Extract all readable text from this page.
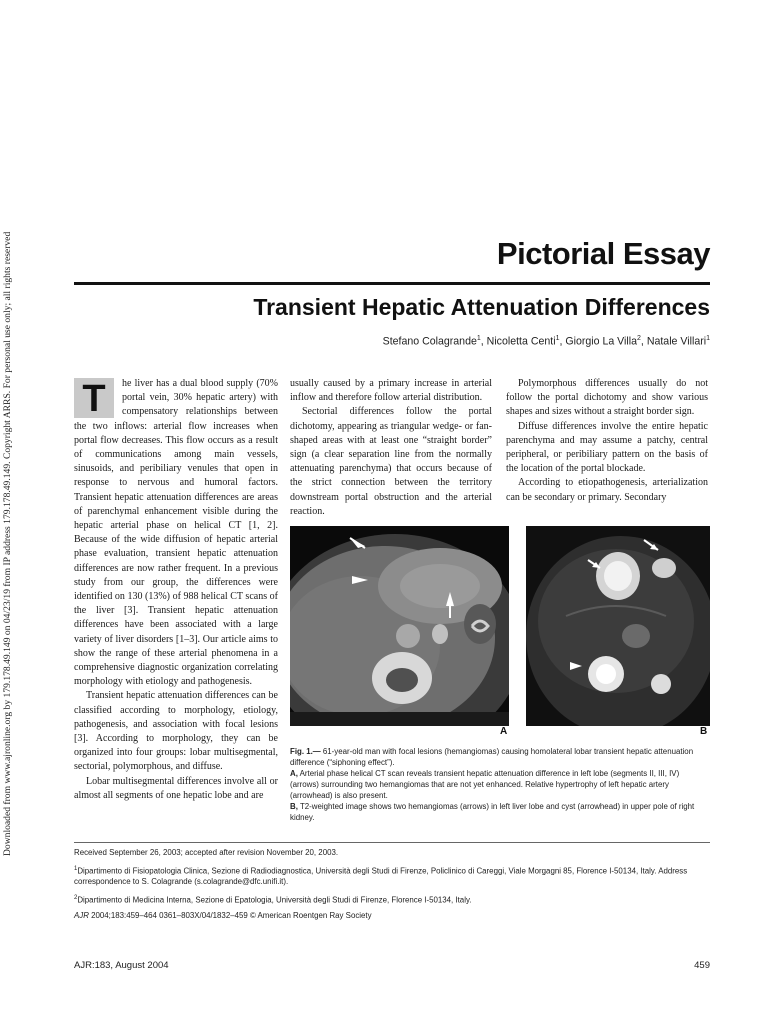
Downloaded from www.ajronline.org by 179.178.49.149 on 04/23/19 from IP address 179.178.49.149. Copyright ARRS. For personal use only; all rights reserved	Pictorial Essay
Transient Hepatic Attenuation Differences
Stefano Colagrande$^1$, Nicoletta Centi$^1$, Giorgio La Villa$^2$, Natale Villari$^1$

T	he liver has a dual blood supply (70% portal vein, 30% hepatic artery) with compensatory relationships between the two inflows: arterial flow increases when portal flow decreases. This flow occurs as a result of communications among main vessels, sinusoids, and peribiliary venules that open in response to nervous and humoral factors. Transient hepatic attenuation differences are areas of parenchymal enhancement visible during the hepatic arterial phase on helical CT [1, 2]. Because of the wide diffusion of hepatic arterial phase evaluation, transient hepatic attenuation differences are now rather frequent. In a previous study from our group, the differences were identified on 130 (13%) of 988 helical CT scans of the liver [3]. Transient hepatic attenuation differences have been associated with a large variety of liver disorders [1–3]. Our article aims to show the range of these arterial phenomena in a comprehensive diagnostic organization correlating morphology with etiology and pathogenesis.

Transient hepatic attenuation differences can be classified according to morphology, etiology, pathogenesis, and association with focal lesions [3]. According to morphology, they can be organized into four groups: lobar multisegmental, sectorial, polymorphous, and diffuse.

Lobar multisegmental differences involve all or almost all segments of one hepatic lobe and are

usually caused by a primary increase in arterial inflow and therefore follow arterial distribution.

Sectorial differences follow the portal dichotomy, appearing as triangular wedge- or fan-shaped areas with at least one “straight border” sign (a clear separation line from the normally attenuating parenchyma) that occurs because of the strict connection between the territory downstream portal obstruction and the arterial reaction.

Polymorphous differences usually do not follow the portal dichotomy and show various shapes and sizes without a straight border sign.

Diffuse differences involve the entire hepatic parenchyma and may assume a patchy, central peripheral, or peribiliary pattern on the basis of the location of the portal blockade.

According to etiopathogenesis, arterialization can be secondary or primary. Secondary

A	B
Fig. 1.— 61-year-old man with focal lesions (hemangiomas) causing homolateral lobar transient hepatic attenuation difference (“siphoning effect”).
A, Arterial phase helical CT scan reveals transient hepatic attenuation difference in left lobe (segments II, III, IV) (arrows) surrounding two hemangiomas that are not yet enhanced. Relative hypertrophy of left hepatic artery (arrowhead) is also present.
B, T2-weighted image shows two hemangiomas (arrows) in left liver lobe and cyst (arrowhead) in upper pole of right kidney.
Received September 26, 2003; accepted after revision November 20, 2003.
$^1$Dipartimento di Fisiopatologia Clinica, Sezione di Radiodiagnostica, Università degli Studi di Firenze, Policlinico di Careggi, Viale Morgagni 85, Florence I-50134, Italy. Address correspondence to S. Colagrande (s.colagrande@dfc.unifi.it).
$^2$Dipartimento di Medicina Interna, Sezione di Epatologia, Università degli Studi di Firenze, Florence I-50134, Italy.
AJR 2004;183:459–464 0361–803X/04/1832–459 © American Roentgen Ray Society
AJR:183, August 2004	459
